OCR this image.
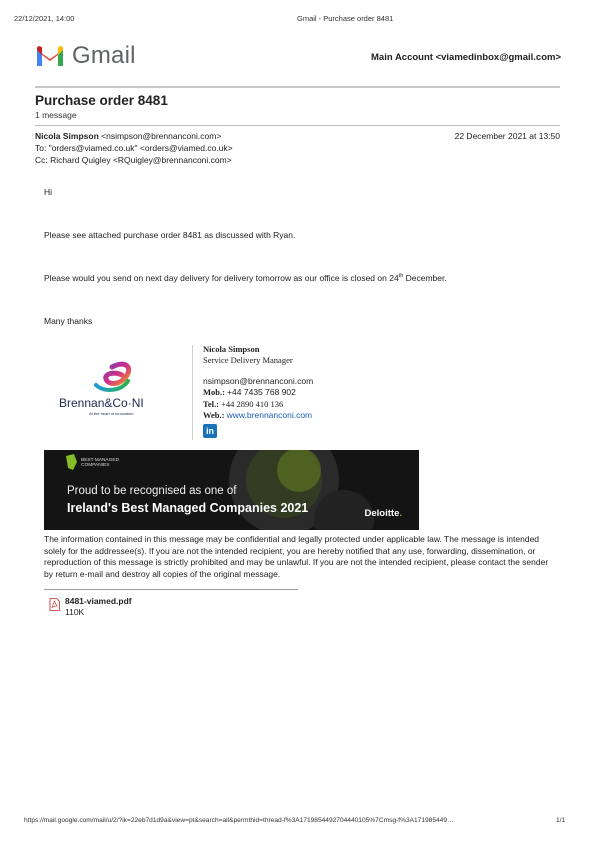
22/12/2021, 14:00	Gmail - Purchase order 8481
Gmail	Main Account <viamedinbox@gmail.com>
Purchase order 8481
1 message
Nicola Simpson <nsimpson@brennanconi.com>	22 December 2021 at 13:50
To: "orders@viamed.co.uk" <orders@viamed.co.uk>
Cc: Richard Quigley <RQuigley@brennanconi.com>
Hi
Please see attached purchase order 8481 as discussed with Ryan.
Please would you send on next day delivery for delivery tomorrow as our office is closed on 24th December.
Many thanks
Brennan&Co·NI
At the heart of innovation
Nicola Simpson
Service Delivery Manager
nsimpson@brennanconi.com
Mob.: +44 7435 768 902
Tel.: +44 2890 410 136
Web.: www.brennanconi.com
in
BEST MANAGED COMPANIES
Proud to be recognised as one of
Ireland's Best Managed Companies 2021	Deloitte.
The information contained in this message may be confidential and legally protected under applicable law. The message is intended solely for the addressee(s). If you are not the intended recipient, you are hereby notified that any use, forwarding, dissemination, or reproduction of this message is strictly prohibited and may be unlawful. If you are not the intended recipient, please contact the sender by return e-mail and destroy all copies of the original message.
8481-viamed.pdf
110K
https://mail.google.com/mail/u/2/?ik=22eb7d1d9a&view=pt&search=all&permthid=thread-f%3A1719854492704440105%7Cmsg-f%3A171985449…	1/1
